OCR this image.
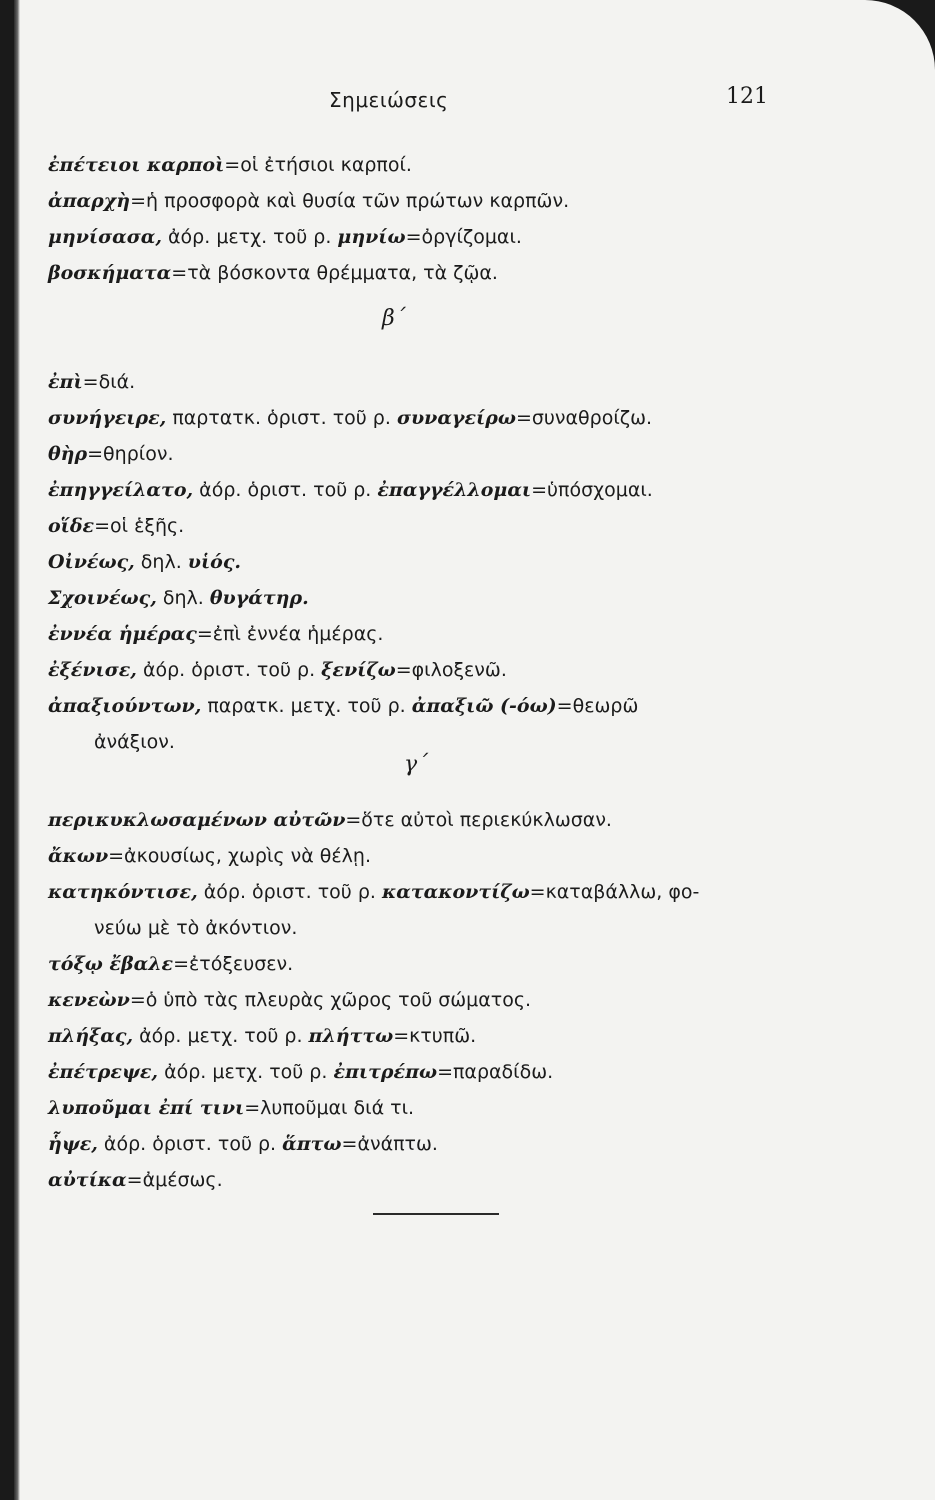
Σημειώσεις	121
ἐπέτειοι καρποὶ=οἱ ἐτήσιοι καρποί.
ἀπαρχὴ=ἡ προσφορὰ καὶ θυσία τῶν πρώτων καρπῶν.
μηνίσασα, ἀόρ. μετχ. τοῦ ρ. μηνίω=ὀργίζομαι.
βοσκήματα=τὰ βόσκοντα θρέμματα, τὰ ζῷα.
β΄
ἐπὶ=διά.
συνήγειρε, παρτατκ. ὁριστ. τοῦ ρ. συναγείρω=συναθροίζω.
θὴρ=θηρίον.
ἐπηγγείλατο, ἀόρ. ὁριστ. τοῦ ρ. ἐπαγγέλλομαι=ὑπόσχομαι.
οἵδε=οἱ ἑξῆς.
Οἰνέως, δηλ. υἱός.
Σχοινέως, δηλ. θυγάτηρ.
ἐννέα ἡμέρας=ἐπὶ ἐννέα ἡμέρας.
ἐξένισε, ἀόρ. ὁριστ. τοῦ ρ. ξενίζω=φιλοξενῶ.
ἀπαξιούντων, παρατκ. μετχ. τοῦ ρ. ἀπαξιῶ (-όω)=θεωρῶ
ἀνάξιον.
γ΄
περικυκλωσαμένων αὐτῶν=ὅτε αὐτοὶ περιεκύκλωσαν.
ἄκων=ἀκουσίως, χωρὶς νὰ θέλῃ.
κατηκόντισε, ἀόρ. ὁριστ. τοῦ ρ. κατακοντίζω=καταβάλλω, φο-
νεύω μὲ τὸ ἀκόντιον.
τόξῳ ἔβαλε=ἐτόξευσεν.
κενεὼν=ὁ ὑπὸ τὰς πλευρὰς χῶρος τοῦ σώματος.
πλήξας, ἀόρ. μετχ. τοῦ ρ. πλήττω=κτυπῶ.
ἐπέτρεψε, ἀόρ. μετχ. τοῦ ρ. ἐπιτρέπω=παραδίδω.
λυποῦμαι ἐπί τινι=λυποῦμαι διά τι.
ἧψε, ἀόρ. ὁριστ. τοῦ ρ. ἅπτω=ἀνάπτω.
αὐτίκα=ἀμέσως.
